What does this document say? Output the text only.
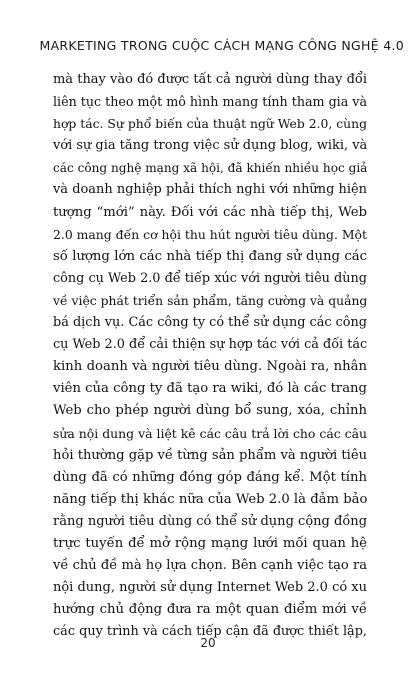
MARKETING TRONG CUỘC CÁCH MẠNG CÔNG NGHỆ 4.0
mà thay vào đó được tất cả người dùng thay đổi
liên tục theo một mô hình mang tính tham gia và
hợp tác. Sự phổ biến của thuật ngữ Web 2.0, cùng
với sự gia tăng trong việc sử dụng blog, wiki, và
các công nghệ mạng xã hội, đã khiến nhiều học giả
và doanh nghiệp phải thích nghi với những hiện
tượng “mới” này. Đối với các nhà tiếp thị, Web
2.0 mang đến cơ hội thu hút người tiêu dùng. Một
số lượng lớn các nhà tiếp thị đang sử dụng các
công cụ Web 2.0 để tiếp xúc với người tiêu dùng
về việc phát triển sản phẩm, tăng cường và quảng
bá dịch vụ. Các công ty có thể sử dụng các công
cụ Web 2.0 để cải thiện sự hợp tác với cả đối tác
kinh doanh và người tiêu dùng. Ngoài ra, nhân
viên của công ty đã tạo ra wiki, đó là các trang
Web cho phép người dùng bổ sung, xóa, chỉnh
sửa nội dung và liệt kê các câu trả lời cho các câu
hỏi thường gặp về từng sản phẩm và người tiêu
dùng đã có những đóng góp đáng kể. Một tính
năng tiếp thị khác nữa của Web 2.0 là đảm bảo
rằng người tiêu dùng có thể sử dụng cộng đồng
trực tuyến để mở rộng mạng lưới mối quan hệ
về chủ đề mà họ lựa chọn. Bên cạnh việc tạo ra
nội dung, người sử dụng Internet Web 2.0 có xu
hướng chủ động đưa ra một quan điểm mới về
các quy trình và cách tiếp cận đã được thiết lập,
20
